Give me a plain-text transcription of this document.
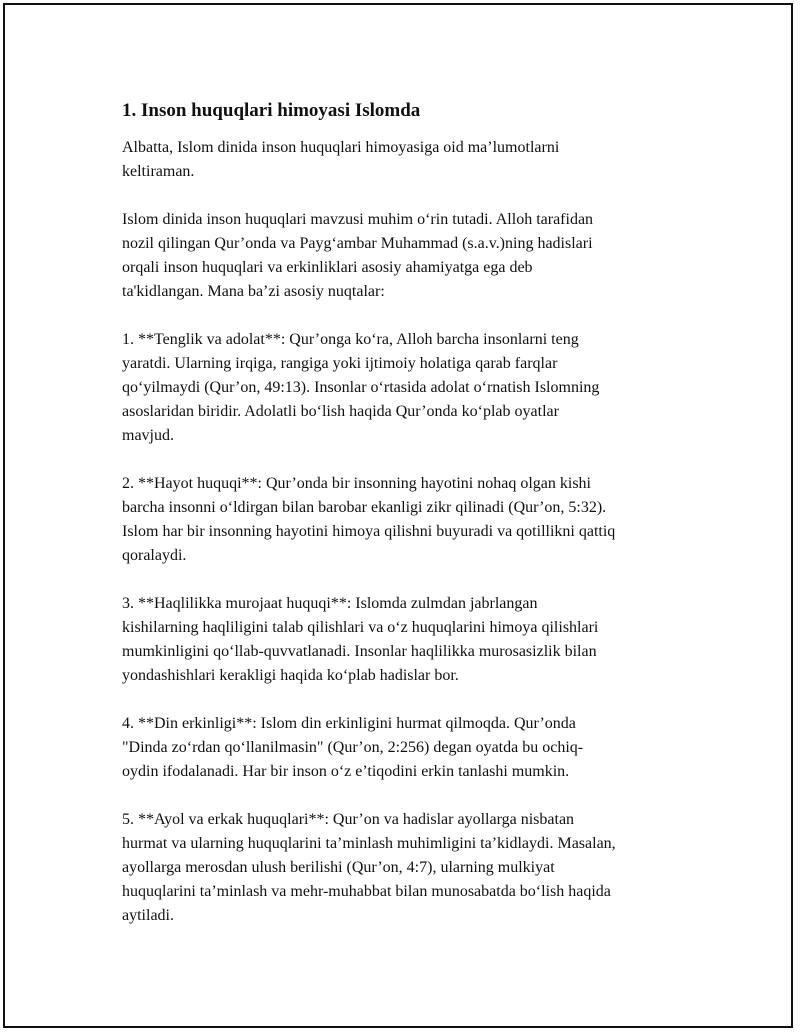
1. Inson huquqlari himoyasi Islomda
Albatta, Islom dinida inson huquqlari himoyasiga oid ma’lumotlarni
keltiraman.
Islom dinida inson huquqlari mavzusi muhim o‘rin tutadi. Alloh tarafidan
nozil qilingan Qur’onda va Payg‘ambar Muhammad (s.a.v.)ning hadislari
orqali inson huquqlari va erkinliklari asosiy ahamiyatga ega deb
ta'kidlangan. Mana ba’zi asosiy nuqtalar:
1. **Tenglik va adolat**: Qur’onga ko‘ra, Alloh barcha insonlarni teng
yaratdi. Ularning irqiga, rangiga yoki ijtimoiy holatiga qarab farqlar
qo‘yilmaydi (Qur’on, 49:13). Insonlar o‘rtasida adolat o‘rnatish Islomning
asoslaridan biridir. Adolatli bo‘lish haqida Qur’onda ko‘plab oyatlar
mavjud.
2. **Hayot huquqi**: Qur’onda bir insonning hayotini nohaq olgan kishi
barcha insonni o‘ldirgan bilan barobar ekanligi zikr qilinadi (Qur’on, 5:32).
Islom har bir insonning hayotini himoya qilishni buyuradi va qotillikni qattiq
qoralaydi.
3. **Haqlilikka murojaat huquqi**: Islomda zulmdan jabrlangan
kishilarning haqliligini talab qilishlari va o‘z huquqlarini himoya qilishlari
mumkinligini qo‘llab-quvvatlanadi. Insonlar haqlilikka murosasizlik bilan
yondashishlari kerakligi haqida ko‘plab hadislar bor.
4. **Din erkinligi**: Islom din erkinligini hurmat qilmoqda. Qur’onda
"Dinda zo‘rdan qo‘llanilmasin" (Qur’on, 2:256) degan oyatda bu ochiq-
oydin ifodalanadi. Har bir inson o‘z e’tiqodini erkin tanlashi mumkin.
5. **Ayol va erkak huquqlari**: Qur’on va hadislar ayollarga nisbatan
hurmat va ularning huquqlarini ta’minlash muhimligini ta’kidlaydi. Masalan,
ayollarga merosdan ulush berilishi (Qur’on, 4:7), ularning mulkiyat
huquqlarini ta’minlash va mehr-muhabbat bilan munosabatda bo‘lish haqida
aytiladi.
